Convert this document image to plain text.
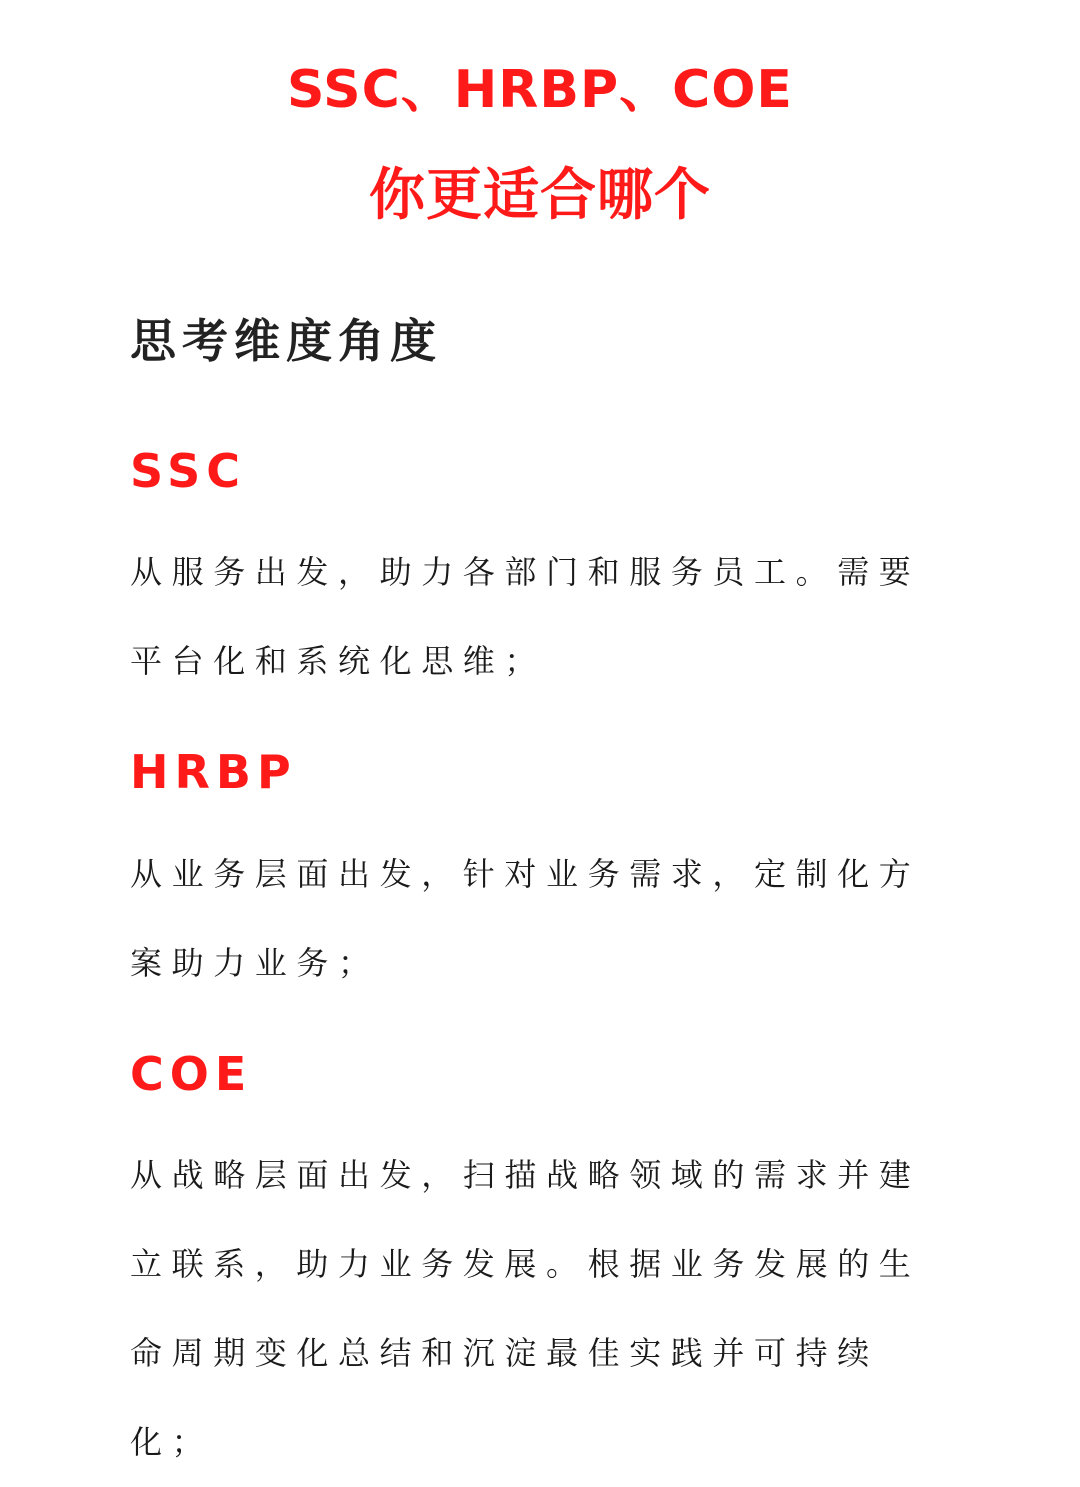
SSC、HRBP、COE
你更适合哪个
思考维度角度
SSC

从服务出发，助力各部门和服务员工。需要平台化和系统化思维；

HRBP

从业务层面出发，针对业务需求，定制化方案助力业务；

COE

从战略层面出发，扫描战略领域的需求并建立联系，助力业务发展。根据业务发展的生命周期变化总结和沉淀最佳实践并可持续化；
